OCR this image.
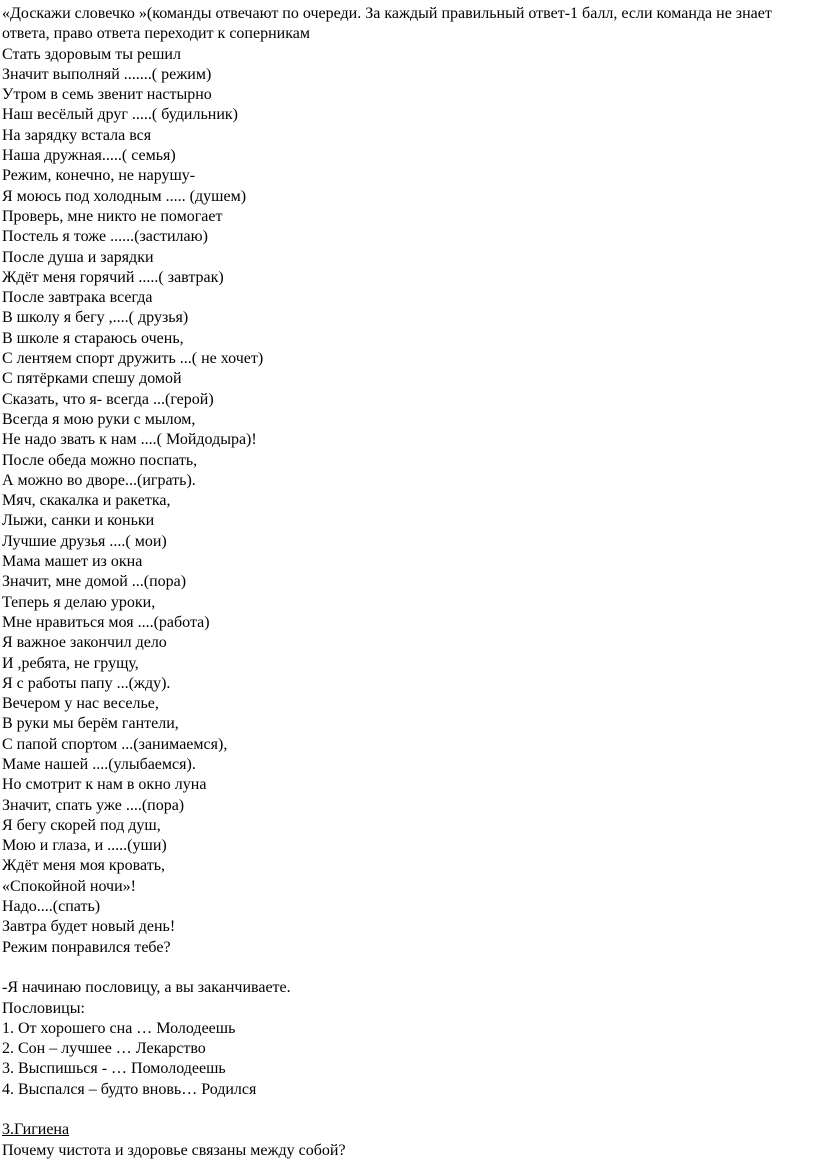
«Доскажи словечко »(команды отвечают по очереди. За каждый правильный ответ-1 балл, если команда не знает ответа, право ответа переходит к соперникам
Стать здоровым ты решил
Значит выполняй .......( режим)
Утром в семь звенит настырно
Наш весёлый друг .....( будильник)
На зарядку встала вся
Наша дружная.....( семья)
Режим, конечно, не нарушу-
Я моюсь под холодным ..... (душем)
Проверь, мне никто не помогает
Постель я тоже ......(застилаю)
После душа и зарядки
Ждёт меня горячий .....( завтрак)
После завтрака всегда
В школу я бегу ,....( друзья)
В школе я стараюсь очень,
С лентяем спорт дружить ...( не хочет)
С пятёрками спешу домой
Сказать, что я- всегда ...(герой)
Всегда я мою руки с мылом,
Не надо звать к нам ....( Мойдодыра)!
После обеда можно поспать,
А можно во дворе...(играть).
Мяч, скакалка и ракетка,
Лыжи, санки и коньки
Лучшие друзья ....( мои)
Мама машет из окна
Значит, мне домой ...(пора)
Теперь я делаю уроки,
Мне нравиться моя ....(работа)
Я важное закончил дело
И ,ребята, не грущу,
Я с работы папу ...(жду).
Вечером у нас веселье,
В руки мы берём гантели,
С папой спортом ...(занимаемся),
Маме нашей ....(улыбаемся).
Но смотрит к нам в окно луна
Значит, спать уже ....(пора)
Я бегу скорей под душ,
Мою и глаза, и .....(уши)
Ждёт меня моя кровать,
«Спокойной ночи»!
Надо....(спать)
Завтра будет новый день!
Режим понравился тебе?
-Я начинаю пословицу, а вы заканчиваете.
Пословицы:
1. От хорошего сна … Молодеешь
2. Сон – лучшее … Лекарство
3. Выспишься - … Помолодеешь
4. Выспался – будто вновь… Родился
3.Гигиена
Почему чистота и здоровье связаны между собой?
